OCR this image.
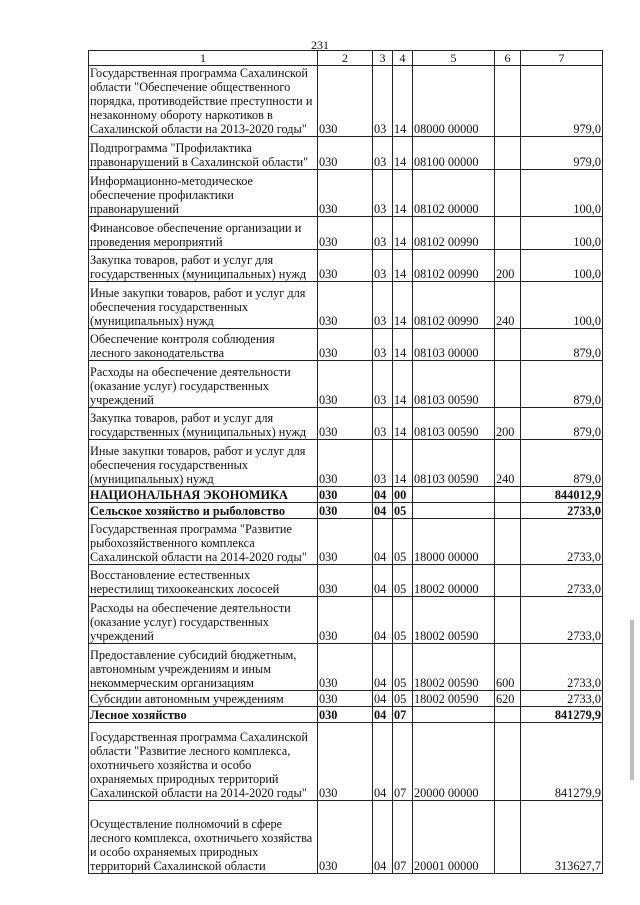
231
1	2	3	4	5	6	7
Государственная программа Сахалинской области "Обеспечение общественного порядка, противодействие преступности и незаконному обороту наркотиков в Сахалинской области на 2013-2020 годы"	030	03	14	08000 00000		979,0
Подпрограмма "Профилактика правонарушений в Сахалинской области"	030	03	14	08100 00000		979,0
Информационно-методическое обеспечение профилактики правонарушений	030	03	14	08102 00000		100,0
Финансовое обеспечение организации и проведения мероприятий	030	03	14	08102 00990		100,0
Закупка товаров, работ и услуг для государственных (муниципальных) нужд	030	03	14	08102 00990	200	100,0
Иные закупки товаров, работ и услуг для обеспечения государственных (муниципальных) нужд	030	03	14	08102 00990	240	100,0
Обеспечение контроля соблюдения лесного законодательства	030	03	14	08103 00000		879,0
Расходы на обеспечение деятельности (оказание услуг) государственных учреждений	030	03	14	08103 00590		879,0
Закупка товаров, работ и услуг для государственных (муниципальных) нужд	030	03	14	08103 00590	200	879,0
Иные закупки товаров, работ и услуг для обеспечения государственных (муниципальных) нужд	030	03	14	08103 00590	240	879,0
НАЦИОНАЛЬНАЯ ЭКОНОМИКА	030	04	00			844012,9
Сельское хозяйство и рыболовство	030	04	05			2733,0
Государственная программа "Развитие рыбохозяйственного комплекса Сахалинской области на 2014-2020 годы"	030	04	05	18000 00000		2733,0
Восстановление естественных нерестилищ тихоокеанских лососей	030	04	05	18002 00000		2733,0
Расходы на обеспечение деятельности (оказание услуг) государственных учреждений	030	04	05	18002 00590		2733,0
Предоставление субсидий бюджетным, автономным учреждениям и иным некоммерческим организациям	030	04	05	18002 00590	600	2733,0
Субсидии автономным учреждениям	030	04	05	18002 00590	620	2733,0
Лесное хозяйство	030	04	07			841279,9
Государственная программа Сахалинской области "Развитие лесного комплекса, охотничьего хозяйства и особо охраняемых природных территорий Сахалинской области на 2014-2020 годы"	030	04	07	20000 00000		841279,9
Осуществление полномочий в сфере лесного комплекса, охотничьего хозяйства и особо охраняемых природных территорий Сахалинской области	030	04	07	20001 00000		313627,7
